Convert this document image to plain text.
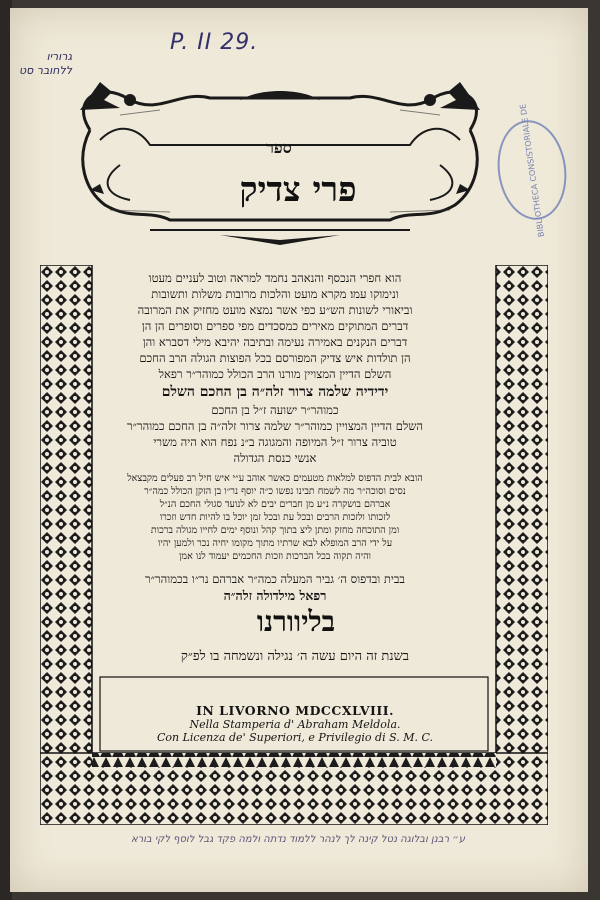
גרוריו ללחובר סט
P. II 29.
BIBLIOTHECA CONSISTORIALE DE
ספר
פרי צדיק
הוא חפרי הנכסף והנאהב נחמד למראה וטוב לעניים מעטו
ונימוקו עמו׃ מקרא מועט והלכות מרובות משלות ותשובות
וביאורי לשונות הש״ע כפי אשר נמצא מועט מחזיק את המרובה
דברים המתוקים מאירים כמסכדים מפי ספרים וסופרים הן הן
דברים הנקנים באמירה נעימה ובתיבה יהיבא מילי דסברא והן
הן תולדות איש צדיק המפורסם בכל הפוצות הגולה הרב החכם
השלם הדיין המצויין מורנו הרב הכולל כמוהר״ר רפאל
ידידיה שלמה צרור זלה״ה בן החכם השלם
כמוהר״ר ישועה ז״ל בן החכם
השלם הדיין המצויין כמוהר״ר שלמה צרור זלה״ה בן החכם כמוהר״ר
טוביה צרור ז״ל המיופה והמגוגה ב״נ נפח הוא היה משרי
אנשי כנסת הגדולה
הובא לבית הדפוס למלאות מטעמים כאשר אוהב ע״י איש חיל רב פעלים מקבצאל
נסים וסוכה״ר מה לשמח תבינו נפשו כ״ה יוסף נר״ו בן הזקן הכולל כמה״ר
אברהם בושקרה נ״ע מן חברים יבים לא לנועד סגולי החכם הנ״ל
לזכותו ולזכות הרבים ובכל עת ובכל זמן יוכל בו להיות חדש וזכרו
ומן התוכחה מחזק ומתן ליצ בתוך קהל ונוסף ימים לחייו מגולה ברכות
על ידי הרב המופלא לבא שרתיו מתוך מקומו יחיה נכר ולמען יהיו
והיה תקוה בכל הברכות וזכות החכמים יעמוד לנו אמן
בבית ובדפוס ה׳ גביר המעלה כמה״ר אברהם נר״ו בכמוהר״ר
רפאל מילדולה זלה״ה
בליוורנו
בשנת זה היום עשה ה׳ נגילה ונשמחה בו לפ״ק
IN LIVORNO MDCCXLVIII.
Nella Stamperia d' Abraham Meldola.
Con Licenza de' Superiori, e Privilegio di S. M. C.
ע״ רבנן ובלוגה נטל קינה לך לנהר ללמוד נדתה ולמה פקד גבל לוסף לקי בורא
